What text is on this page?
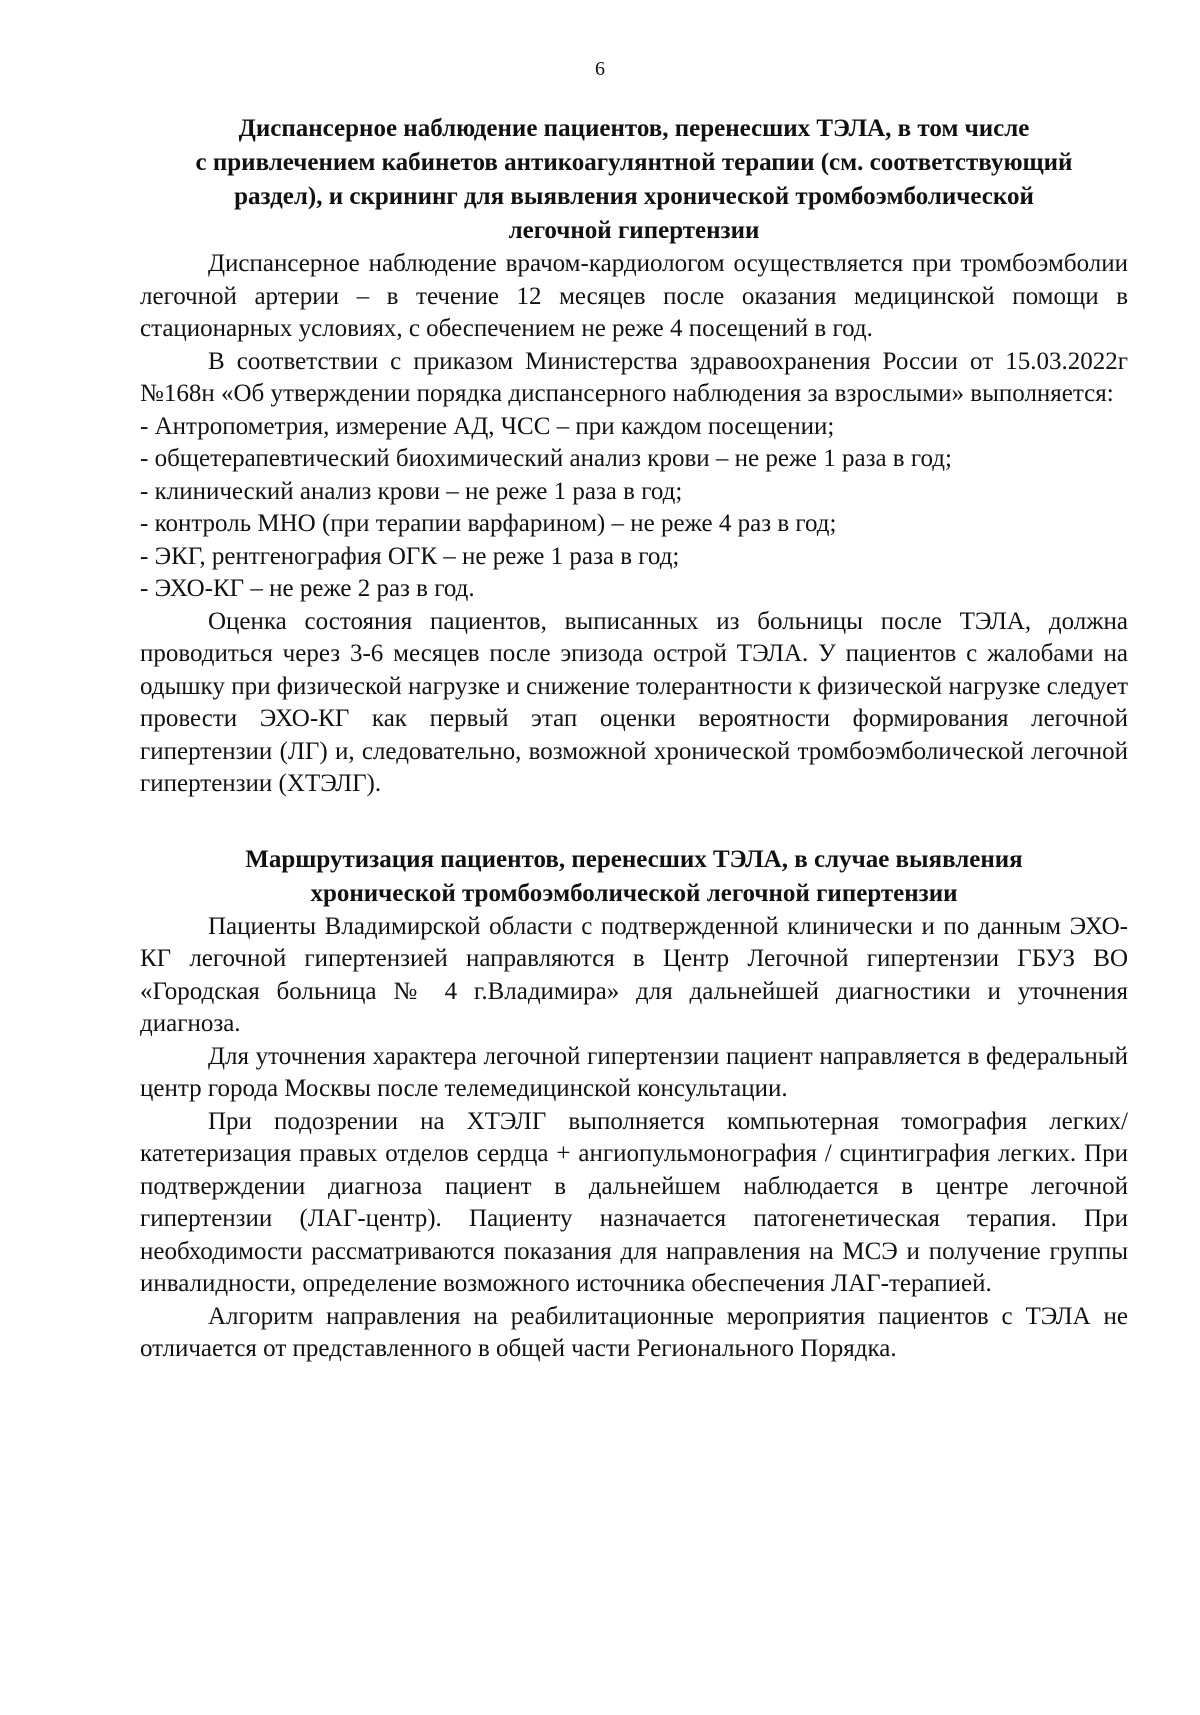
6
Диспансерное наблюдение пациентов, перенесших ТЭЛА, в том числе
с привлечением кабинетов антикоагулянтной терапии (см. соответствующий
раздел), и скрининг для выявления хронической тромбоэмболической
легочной гипертензии

Диспансерное наблюдение врачом-кардиологом осуществляется при тромбоэмболии легочной артерии – в течение 12 месяцев после оказания медицинской помощи в стационарных условиях, с обеспечением не реже 4 посещений в год.

В соответствии с приказом Министерства здравоохранения России от 15.03.2022г №168н «Об утверждении порядка диспансерного наблюдения за взрослыми» выполняется:

- Антропометрия, измерение АД, ЧСС – при каждом посещении;
- общетерапевтический биохимический анализ крови – не реже 1 раза в год;
- клинический анализ крови – не реже 1 раза в год;
- контроль МНО (при терапии варфарином) – не реже 4 раз в год;
- ЭКГ, рентгенография ОГК – не реже 1 раза в год;
- ЭХО-КГ – не реже 2 раз в год.

Оценка состояния пациентов, выписанных из больницы после ТЭЛА, должна проводиться через 3-6 месяцев после эпизода острой ТЭЛА. У пациентов с жалобами на одышку при физической нагрузке и снижение толерантности к физической нагрузке следует провести ЭХО-КГ как первый этап оценки вероятности формирования легочной гипертензии (ЛГ) и, следовательно, возможной хронической тромбоэмболической легочной гипертензии (ХТЭЛГ).

Маршрутизация пациентов, перенесших ТЭЛА, в случае выявления
хронической тромбоэмболической легочной гипертензии

Пациенты Владимирской области с подтвержденной клинически и по данным ЭХО-КГ легочной гипертензией направляются в Центр Легочной гипертензии ГБУЗ ВО «Городская больница № 4 г.Владимира» для дальнейшей диагностики и уточнения диагноза.

Для уточнения характера легочной гипертензии пациент направляется в федеральный центр города Москвы после телемедицинской консультации.

При подозрении на ХТЭЛГ выполняется компьютерная томография легких/катетеризация правых отделов сердца + ангиопульмонография / сцинтиграфия легких. При подтверждении диагноза пациент в дальнейшем наблюдается в центре легочной гипертензии (ЛАГ-центр). Пациенту назначается патогенетическая терапия. При необходимости рассматриваются показания для направления на МСЭ и получение группы инвалидности, определение возможного источника обеспечения ЛАГ-терапией.

Алгоритм направления на реабилитационные мероприятия пациентов с ТЭЛА не отличается от представленного в общей части Регионального Порядка.
